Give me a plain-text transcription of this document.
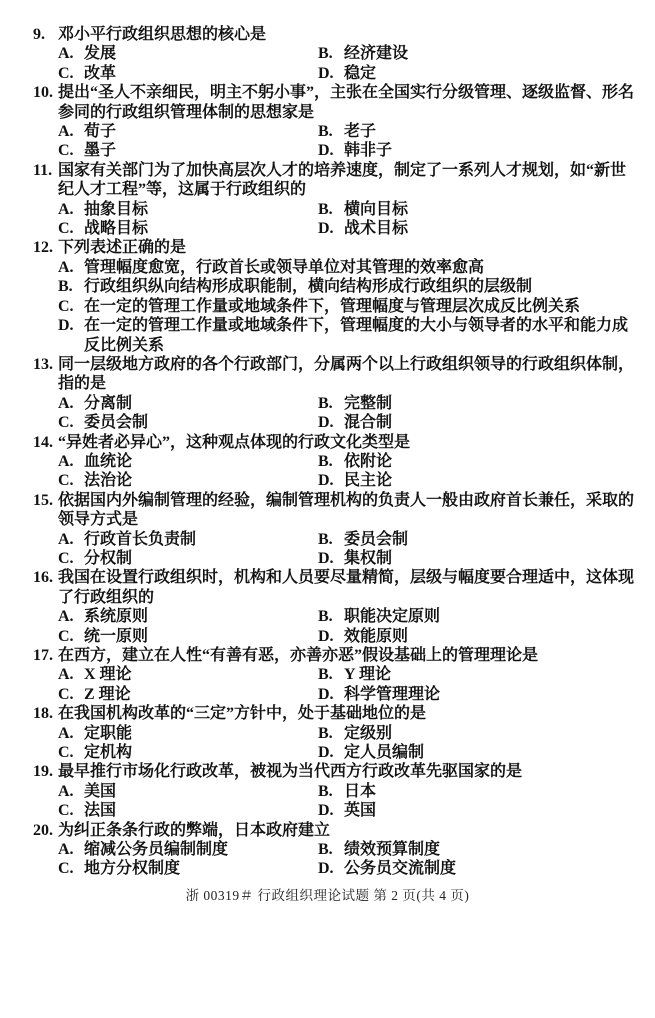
9. 邓小平行政组织思想的核心是
A. 发展	B. 经济建设
C. 改革	D. 稳定
10. 提出“圣人不亲细民，明主不躬小事”，主张在全国实行分级管理、逐级监督、形名参同的行政组织管理体制的思想家是
A. 荀子	B. 老子
C. 墨子	D. 韩非子
11. 国家有关部门为了加快高层次人才的培养速度，制定了一系列人才规划，如“新世纪人才工程”等，这属于行政组织的
A. 抽象目标	B. 横向目标
C. 战略目标	D. 战术目标
12. 下列表述正确的是
A. 管理幅度愈宽，行政首长或领导单位对其管理的效率愈高
B. 行政组织纵向结构形成职能制，横向结构形成行政组织的层级制
C. 在一定的管理工作量或地域条件下，管理幅度与管理层次成反比例关系
D. 在一定的管理工作量或地域条件下，管理幅度的大小与领导者的水平和能力成反比例关系
13. 同一层级地方政府的各个行政部门，分属两个以上行政组织领导的行政组织体制，指的是
A. 分离制	B. 完整制
C. 委员会制	D. 混合制
14. “异姓者必异心”，这种观点体现的行政文化类型是
A. 血统论	B. 依附论
C. 法治论	D. 民主论
15. 依据国内外编制管理的经验，编制管理机构的负责人一般由政府首长兼任，采取的领导方式是
A. 行政首长负责制	B. 委员会制
C. 分权制	D. 集权制
16. 我国在设置行政组织时，机构和人员要尽量精简，层级与幅度要合理适中，这体现了行政组织的
A. 系统原则	B. 职能决定原则
C. 统一原则	D. 效能原则
17. 在西方，建立在人性“有善有恶，亦善亦恶”假设基础上的管理理论是
A. X 理论	B. Y 理论
C. Z 理论	D. 科学管理理论
18. 在我国机构改革的“三定”方针中，处于基础地位的是
A. 定职能	B. 定级别
C. 定机构	D. 定人员编制
19. 最早推行市场化行政改革，被视为当代西方行政改革先驱国家的是
A. 美国	B. 日本
C. 法国	D. 英国
20. 为纠正条条行政的弊端，日本政府建立
A. 缩减公务员编制制度	B. 绩效预算制度
C. 地方分权制度	D. 公务员交流制度
浙 00319＃ 行政组织理论试题 第 2 页(共 4 页)
